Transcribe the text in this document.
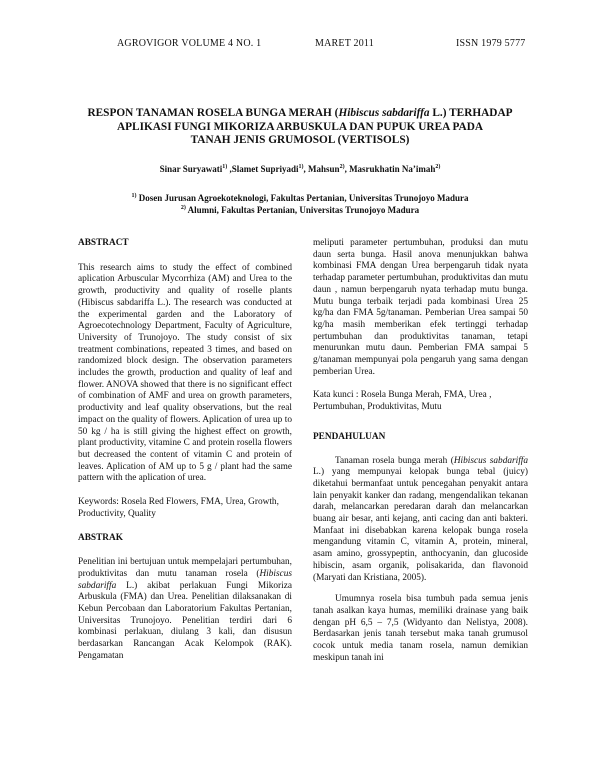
AGROVIGOR VOLUME 4 NO. 1	MARET 2011	ISSN 1979 5777
RESPON TANAMAN ROSELA BUNGA MERAH (Hibiscus sabdariffa L.) TERHADAP
APLIKASI FUNGI MIKORIZA ARBUSKULA DAN PUPUK UREA PADA
TANAH JENIS GRUMOSOL (VERTISOLS)
Sinar Suryawati$^{1)}$ ,Slamet Supriyadi$^{1)}$, Mahsun$^{2)}$, Masrukhatin Na’imah$^{2)}$
$^{1)}$ Dosen Jurusan Agroekoteknologi, Fakultas Pertanian, Universitas Trunojoyo Madura
$^{2)}$ Alumni, Fakultas Pertanian, Universitas Trunojoyo Madura

ABSTRACT

This research aims to study the effect of combined aplication Arbuscular Mycorrhiza (AM) and Urea to the growth, productivity and quality of roselle plants (Hibiscus sabdariffa L.). The research was conducted at the experimental garden and the Laboratory of Agroecotechnology Department, Faculty of Agriculture, University of Trunojoyo. The study consist of six treatment combinations, repeated 3 times, and based on randomized block design. The observation parameters includes the growth, production and quality of leaf and flower. ANOVA showed that there is no significant effect of combination of AMF and urea on growth parameters, productivity and leaf quality observations, but the real impact on the quality of flowers. Aplication of urea up to 50 kg / ha is still giving the highest effect on growth, plant productivity, vitamine C and protein rosella flowers but decreased the content of vitamin C and protein of leaves. Aplication of AM up to 5 g / plant had the same pattern with the aplication of urea.

Keywords: Rosela Red Flowers, FMA, Urea, Growth, Productivity, Quality

ABSTRAK

Penelitian ini bertujuan untuk mempelajari pertumbuhan, produktivitas dan mutu tanaman rosela (Hibiscus sabdariffa L.) akibat perlakuan Fungi Mikoriza Arbuskula (FMA) dan Urea. Penelitian dilaksanakan di Kebun Percobaan dan Laboratorium Fakultas Pertanian, Universitas Trunojoyo. Penelitian terdiri dari 6 kombinasi perlakuan, diulang 3 kali, dan disusun berdasarkan Rancangan Acak Kelompok (RAK). Pengamatan

meliputi parameter pertumbuhan, produksi dan mutu daun serta bunga. Hasil anova menunjukkan bahwa kombinasi FMA dengan Urea berpengaruh tidak nyata terhadap parameter pertumbuhan, produktivitas dan mutu daun , namun berpengaruh nyata terhadap mutu bunga. Mutu bunga terbaik terjadi pada kombinasi Urea 25 kg/ha dan FMA 5g/tanaman. Pemberian Urea sampai 50 kg/ha masih memberikan efek tertinggi terhadap pertumbuhan dan produktivitas tanaman, tetapi menurunkan mutu daun. Pemberian FMA sampai 5 g/tanaman mempunyai pola pengaruh yang sama dengan pemberian Urea.

Kata kunci : Rosela Bunga Merah, FMA, Urea , Pertumbuhan, Produktivitas, Mutu

PENDAHULUAN

Tanaman rosela bunga merah (Hibiscus sabdariffa L.) yang mempunyai kelopak bunga tebal (juicy) diketahui bermanfaat untuk pencegahan penyakit antara lain penyakit kanker dan radang, mengendalikan tekanan darah, melancarkan peredaran darah dan melancarkan buang air besar, anti kejang, anti cacing dan anti bakteri. Manfaat ini disebabkan karena kelopak bunga rosela mengandung vitamin C, vitamin A, protein, mineral, asam amino, grossypeptin, anthocyanin, dan glucoside hibiscin, asam organik, polisakarida, dan flavonoid (Maryati dan Kristiana, 2005).

Umumnya rosela bisa tumbuh pada semua jenis tanah asalkan kaya humas, memiliki drainase yang baik dengan pH 6,5 – 7,5 (Widyanto dan Nelistya, 2008). Berdasarkan jenis tanah tersebut maka tanah grumusol cocok untuk media tanam rosela, namun demikian meskipun tanah ini
